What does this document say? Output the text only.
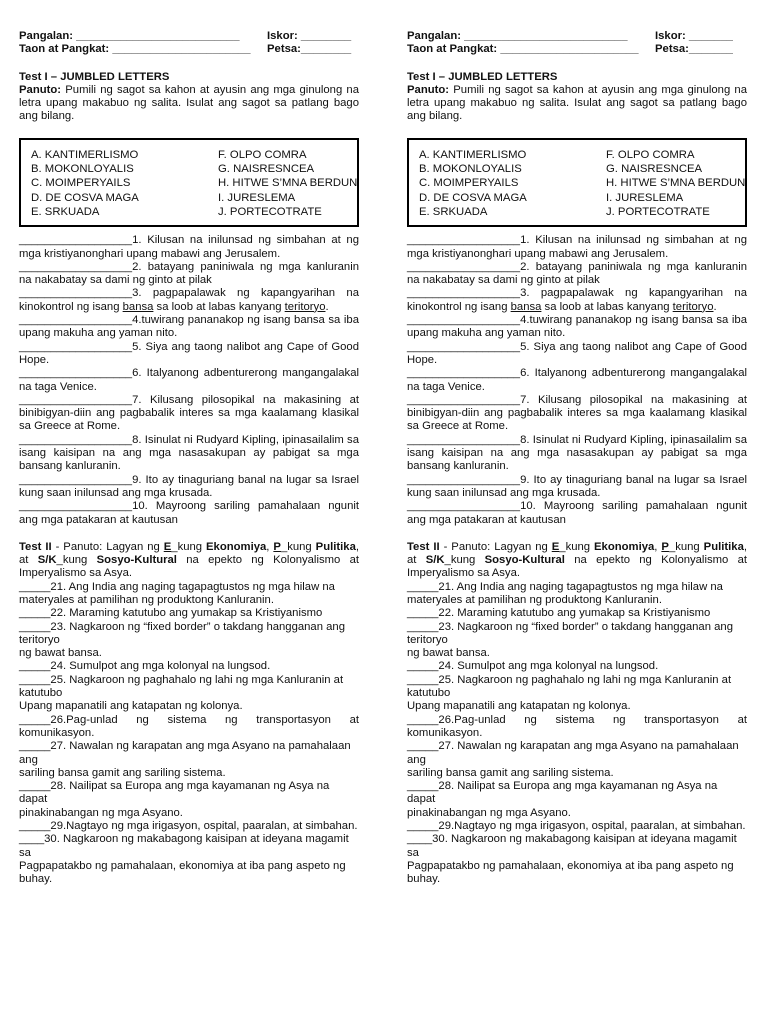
Pangalan: __________________________	Iskor: ________
Taon at Pangkat: ______________________	Petsa:________
Test I – JUMBLED LETTERS
Panuto: Pumili ng sagot sa kahon at ayusin ang mga ginulong na letra upang makabuo ng salita. Isulat ang sagot sa patlang bago ang bilang.
A. KANTIMERLISMO	F. OLPO COMRA
B. MOKONLOYALIS	G. NAISRESNCEA
C. MOIMPERYAILS	H. HITWE S’MNA BERDUN
D. DE COSVA MAGA	I. JURESLEMA
E. SRKUADA	J. PORTECOTRATE
__________________1. Kilusan na inilunsad ng simbahan at ng mga kristiyanonghari upang mabawi ang Jerusalem.
__________________2. batayang paniniwala ng mga kanluranin na nakabatay sa dami ng ginto at pilak
__________________3. pagpapalawak ng kapangyarihan na kinokontrol ng isang bansa sa loob at labas kanyang teritoryo.
__________________4.tuwirang pananakop ng isang bansa sa iba upang makuha ang yaman nito.
__________________5. Siya ang taong nalibot ang Cape of Good Hope.
__________________6. Italyanong adbenturerong mangangalakal na taga Venice.
__________________7. Kilusang pilosopikal na makasining at binibigyan-diin ang pagbabalik interes sa mga kaalamang klasikal sa Greece at Rome.
__________________8. Isinulat ni Rudyard Kipling, ipinasailalim sa isang kaisipan na ang mga nasasakupan ay pabigat sa mga bansang kanluranin.
__________________9. Ito ay tinaguriang banal na lugar sa Israel kung saan inilunsad ang mga krusada.
__________________10. Mayroong sariling pamahalaan ngunit ang mga patakaran at kautusan
Test II - Panuto: Lagyan ng E_kung Ekonomiya, P_kung Pulitika, at S/K_kung Sosyo-Kultural na epekto ng Kolonyalismo at Imperyalismo sa Asya.
_____21. Ang India ang naging tagapagtustos ng mga hilaw na
materyales at pamilihan ng produktong Kanluranin.
_____22. Maraming katutubo ang yumakap sa Kristiyanismo
_____23. Nagkaroon ng “fixed border” o takdang hangganan ang teritoryo
ng bawat bansa.
_____24. Sumulpot ang mga kolonyal na lungsod.
_____25. Nagkaroon ng paghahalo ng lahi ng mga Kanluranin at katutubo
Upang mapanatili ang katapatan ng kolonya.
_____26.Pag-unlad ng sistema ng transportasyon at komunikasyon.
_____27. Nawalan ng karapatan ang mga Asyano na pamahalaan ang
sariling bansa gamit ang sariling sistema.
_____28. Nailipat sa Europa ang mga kayamanan ng Asya na dapat
pinakinabangan ng mga Asyano.
_____29.Nagtayo ng mga irigasyon, ospital, paaralan, at simbahan.
____30. Nagkaroon ng makabagong kaisipan at ideyana magamit sa
Pagpapatakbo ng pamahalaan, ekonomiya at iba pang aspeto ng buhay.
Pangalan: __________________________	Iskor: _______
Taon at Pangkat: ______________________	Petsa:_______
Test I – JUMBLED LETTERS
Panuto: Pumili ng sagot sa kahon at ayusin ang mga ginulong na letra upang makabuo ng salita. Isulat ang sagot sa patlang bago ang bilang.
A. KANTIMERLISMO	F. OLPO COMRA
B. MOKONLOYALIS	G. NAISRESNCEA
C. MOIMPERYAILS	H. HITWE S’MNA BERDUN
D. DE COSVA MAGA	I. JURESLEMA
E. SRKUADA	J. PORTECOTRATE
__________________1. Kilusan na inilunsad ng simbahan at ng mga kristiyanonghari upang mabawi ang Jerusalem.
__________________2. batayang paniniwala ng mga kanluranin na nakabatay sa dami ng ginto at pilak
__________________3. pagpapalawak ng kapangyarihan na kinokontrol ng isang bansa sa loob at labas kanyang teritoryo.
__________________4.tuwirang pananakop ng isang bansa sa iba upang makuha ang yaman nito.
__________________5. Siya ang taong nalibot ang Cape of Good Hope.
__________________6. Italyanong adbenturerong mangangalakal na taga Venice.
__________________7. Kilusang pilosopikal na makasining at binibigyan-diin ang pagbabalik interes sa mga kaalamang klasikal sa Greece at Rome.
__________________8. Isinulat ni Rudyard Kipling, ipinasailalim sa isang kaisipan na ang mga nasasakupan ay pabigat sa mga bansang kanluranin.
__________________9. Ito ay tinaguriang banal na lugar sa Israel kung saan inilunsad ang mga krusada.
__________________10. Mayroong sariling pamahalaan ngunit ang mga patakaran at kautusan
Test II - Panuto: Lagyan ng E_kung Ekonomiya, P_kung Pulitika, at S/K_kung Sosyo-Kultural na epekto ng Kolonyalismo at Imperyalismo sa Asya.
_____21. Ang India ang naging tagapagtustos ng mga hilaw na
materyales at pamilihan ng produktong Kanluranin.
_____22. Maraming katutubo ang yumakap sa Kristiyanismo
_____23. Nagkaroon ng “fixed border” o takdang hangganan ang teritoryo
ng bawat bansa.
_____24. Sumulpot ang mga kolonyal na lungsod.
_____25. Nagkaroon ng paghahalo ng lahi ng mga Kanluranin at katutubo
Upang mapanatili ang katapatan ng kolonya.
_____26.Pag-unlad ng sistema ng transportasyon at komunikasyon.
_____27. Nawalan ng karapatan ang mga Asyano na pamahalaan ang
sariling bansa gamit ang sariling sistema.
_____28. Nailipat sa Europa ang mga kayamanan ng Asya na dapat
pinakinabangan ng mga Asyano.
_____29.Nagtayo ng mga irigasyon, ospital, paaralan, at simbahan.
____30. Nagkaroon ng makabagong kaisipan at ideyana magamit sa
Pagpapatakbo ng pamahalaan, ekonomiya at iba pang aspeto ng buhay.
